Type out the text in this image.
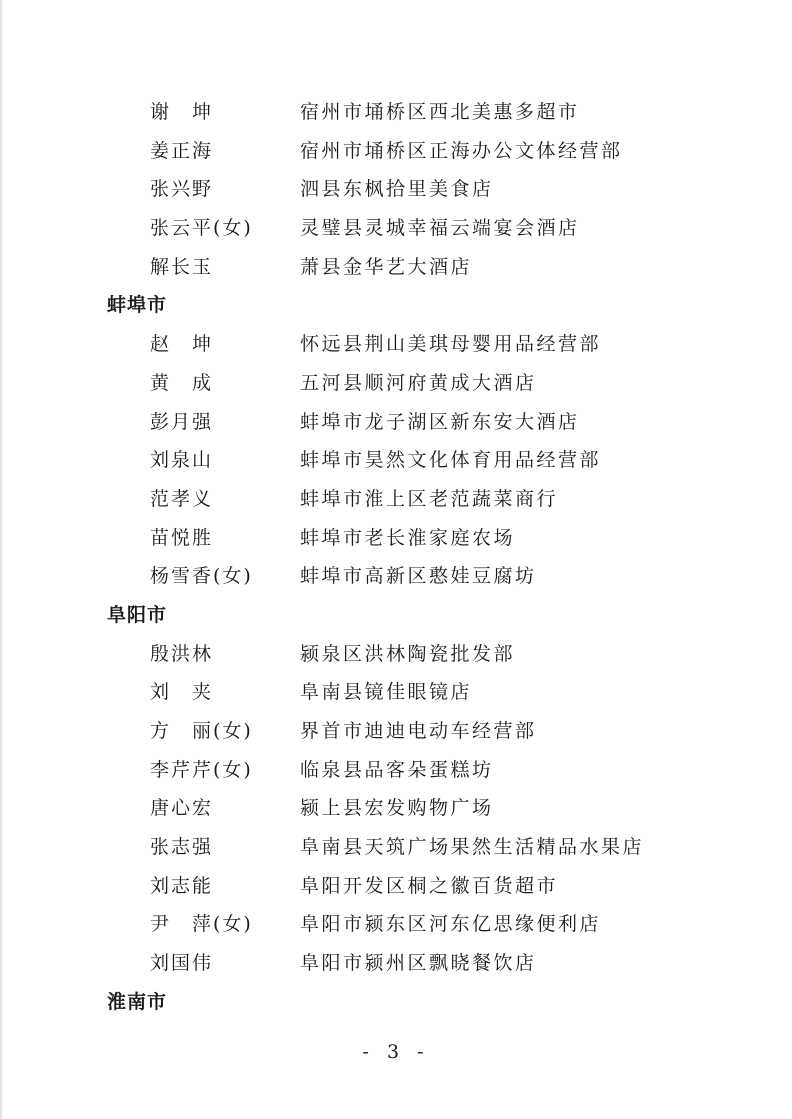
谢　坤	宿州市埇桥区西北美惠多超市
姜正海	宿州市埇桥区正海办公文体经营部
张兴野	泗县东枫拾里美食店
张云平(女) 灵璧县灵城幸福云端宴会酒店
解长玉	萧县金华艺大酒店
蚌埠市
赵　坤	怀远县荆山美琪母婴用品经营部
黄　成	五河县顺河府黄成大酒店
彭月强	蚌埠市龙子湖区新东安大酒店
刘泉山	蚌埠市昊然文化体育用品经营部
范孝义	蚌埠市淮上区老范蔬菜商行
苗悦胜	蚌埠市老长淮家庭农场
杨雪香(女) 蚌埠市高新区憨娃豆腐坊
阜阳市
殷洪林	颍泉区洪林陶瓷批发部
刘　夹	阜南县镜佳眼镜店
方　丽(女) 界首市迪迪电动车经营部
李芹芹(女) 临泉县品客朵蛋糕坊
唐心宏	颍上县宏发购物广场
张志强	阜南县天筑广场果然生活精品水果店
刘志能	阜阳开发区桐之徽百货超市
尹　萍(女) 阜阳市颍东区河东亿思缘便利店
刘国伟	阜阳市颍州区飘晓餐饮店
淮南市
- 3 -
